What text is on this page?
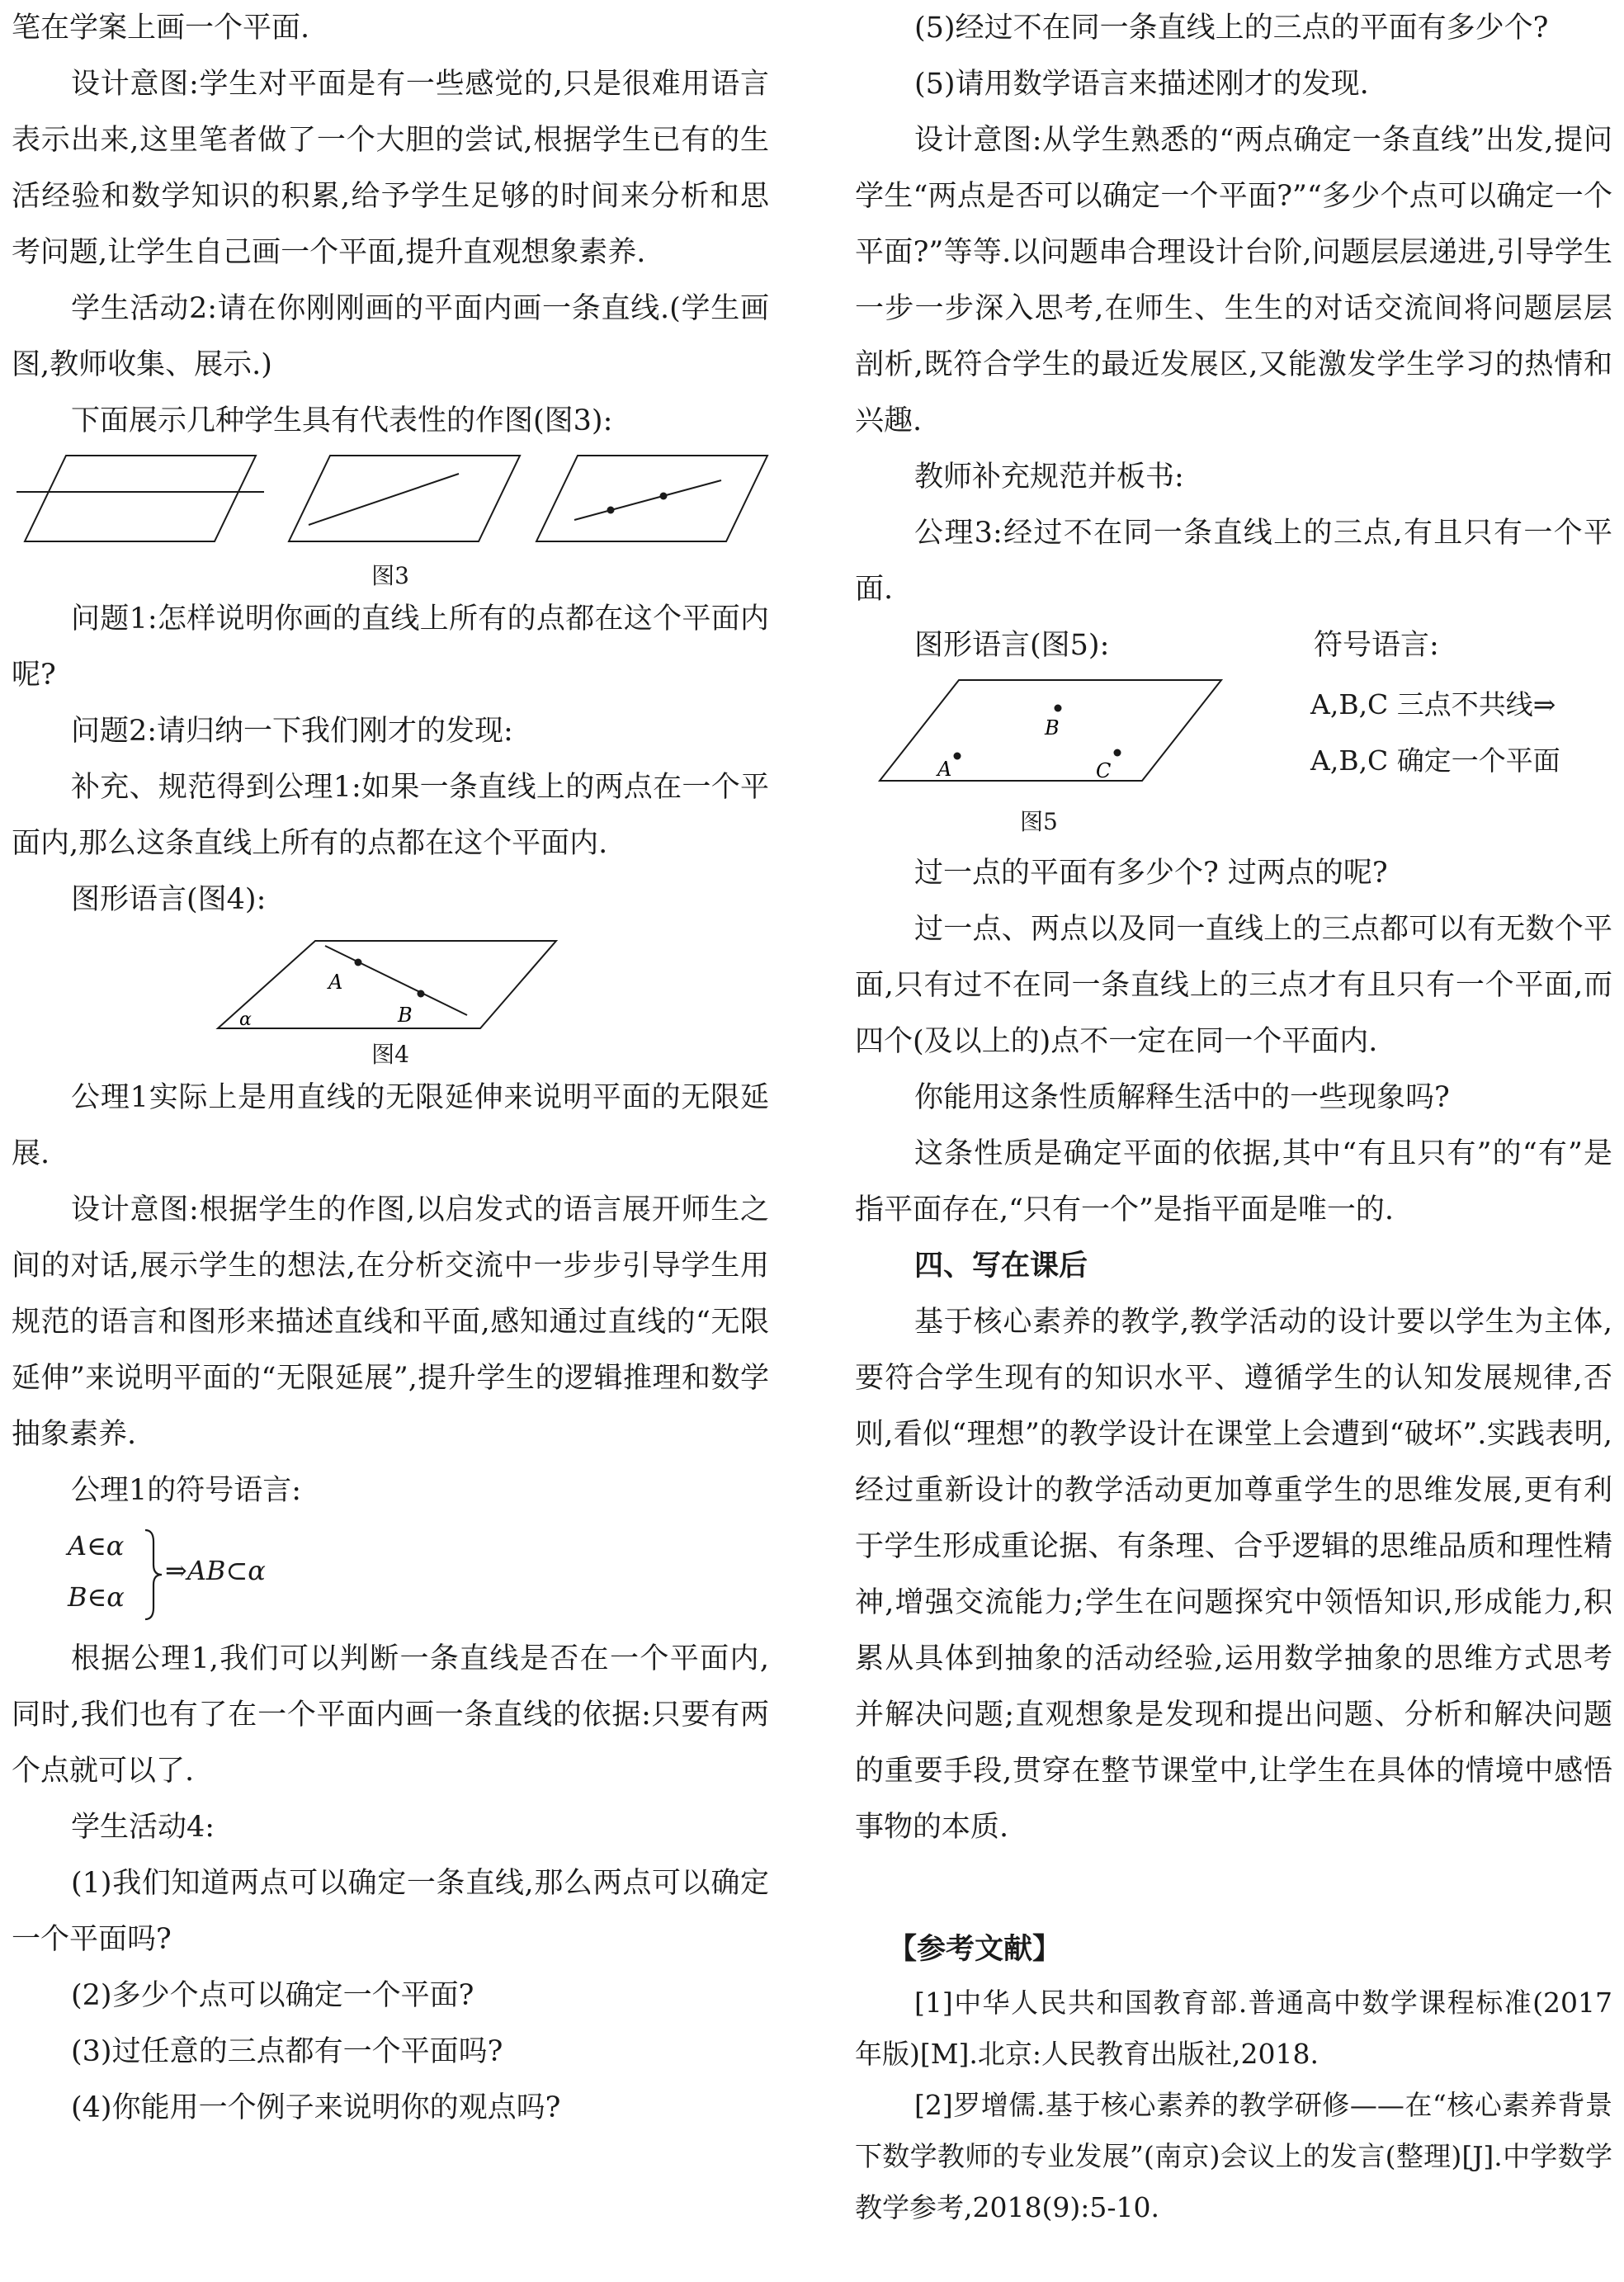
笔在学案上画一个平面.

设计意图:学生对平面是有一些感觉的,只是很难用语言表示出来,这里笔者做了一个大胆的尝试,根据学生已有的生活经验和数学知识的积累,给予学生足够的时间来分析和思考问题,让学生自己画一个平面,提升直观想象素养.

学生活动2:请在你刚刚画的平面内画一条直线.(学生画图,教师收集、展示.)

下面展示几种学生具有代表性的作图(图3):

图3

问题1:怎样说明你画的直线上所有的点都在这个平面内呢?

问题2:请归纳一下我们刚才的发现:

补充、规范得到公理1:如果一条直线上的两点在一个平面内,那么这条直线上所有的点都在这个平面内.

图形语言(图4):

A
B
α
图4

公理1实际上是用直线的无限延伸来说明平面的无限延展.

设计意图:根据学生的作图,以启发式的语言展开师生之间的对话,展示学生的想法,在分析交流中一步步引导学生用规范的语言和图形来描述直线和平面,感知通过直线的“无限延伸”来说明平面的“无限延展”,提升学生的逻辑推理和数学抽象素养.

公理1的符号语言:

A∈α
B∈α
⇒AB⊂α

根据公理1,我们可以判断一条直线是否在一个平面内,同时,我们也有了在一个平面内画一条直线的依据:只要有两个点就可以了.

学生活动4:

(1)我们知道两点可以确定一条直线,那么两点可以确定一个平面吗?

(2)多少个点可以确定一个平面?

(3)过任意的三点都有一个平面吗?

(4)你能用一个例子来说明你的观点吗?

(5)经过不在同一条直线上的三点的平面有多少个?

(5)请用数学语言来描述刚才的发现.

设计意图:从学生熟悉的“两点确定一条直线”出发,提问学生“两点是否可以确定一个平面?”“多少个点可以确定一个平面?”等等.以问题串合理设计台阶,问题层层递进,引导学生一步一步深入思考,在师生、生生的对话交流间将问题层层剖析,既符合学生的最近发展区,又能激发学生学习的热情和兴趣.

教师补充规范并板书:

公理3:经过不在同一条直线上的三点,有且只有一个平面.

图形语言(图5):	符号语言:
A,B,C 三点不共线⇒
A,B,C 确定一个平面
B
A	C
图5

过一点的平面有多少个? 过两点的呢?

过一点、两点以及同一直线上的三点都可以有无数个平面,只有过不在同一条直线上的三点才有且只有一个平面,而四个(及以上的)点不一定在同一个平面内.

你能用这条性质解释生活中的一些现象吗?

这条性质是确定平面的依据,其中“有且只有”的“有”是指平面存在,“只有一个”是指平面是唯一的.

四、写在课后

基于核心素养的教学,教学活动的设计要以学生为主体,要符合学生现有的知识水平、遵循学生的认知发展规律,否则,看似“理想”的教学设计在课堂上会遭到“破坏”.实践表明,经过重新设计的教学活动更加尊重学生的思维发展,更有利于学生形成重论据、有条理、合乎逻辑的思维品质和理性精神,增强交流能力;学生在问题探究中领悟知识,形成能力,积累从具体到抽象的活动经验,运用数学抽象的思维方式思考并解决问题;直观想象是发现和提出问题、分析和解决问题的重要手段,贯穿在整节课堂中,让学生在具体的情境中感悟事物的本质.

【参考文献】

[1]中华人民共和国教育部.普通高中数学课程标准(2017年版)[M].北京:人民教育出版社,2018.

[2]罗增儒.基于核心素养的教学研修——在“核心素养背景下数学教师的专业发展”(南京)会议上的发言(整理)[J].中学数学教学参考,2018(9):5-10.
